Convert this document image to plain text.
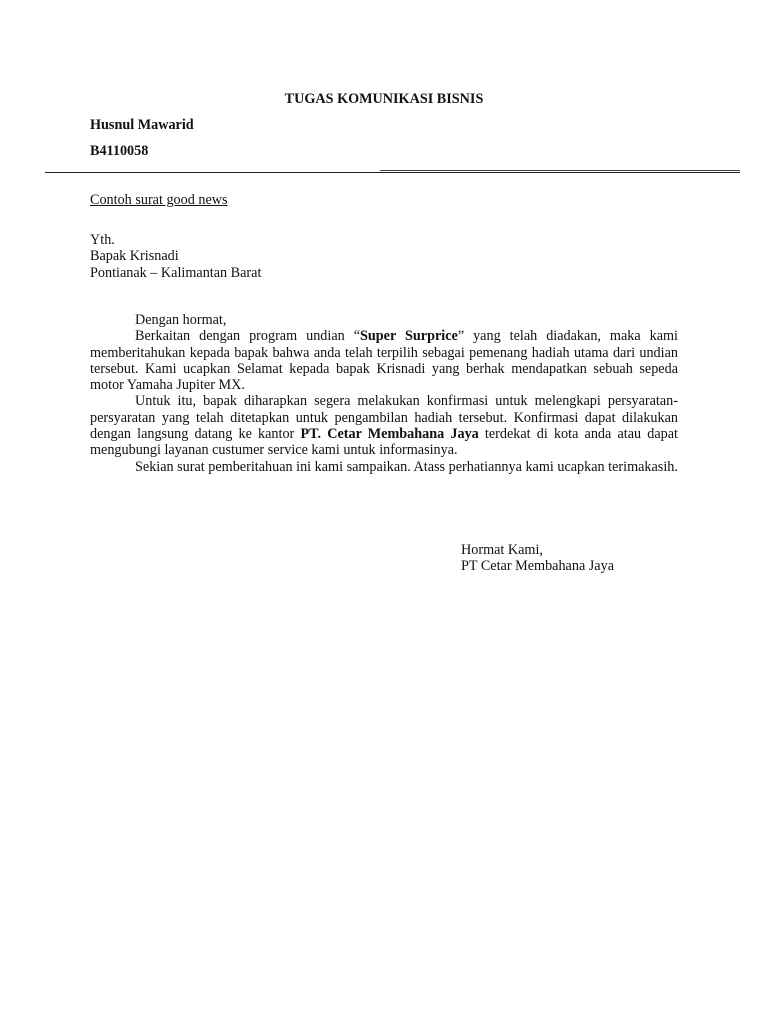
TUGAS KOMUNIKASI BISNIS
Husnul Mawarid
B4110058
Contoh surat good news
Yth.
Bapak Krisnadi
Pontianak – Kalimantan Barat

Dengan hormat,

Berkaitan dengan program undian “Super Surprice” yang telah diadakan, maka kami memberitahukan kepada bapak bahwa anda telah terpilih sebagai pemenang hadiah utama dari undian tersebut. Kami ucapkan Selamat kepada bapak Krisnadi yang berhak mendapatkan sebuah sepeda motor Yamaha Jupiter MX.

Untuk itu, bapak diharapkan segera melakukan konfirmasi untuk melengkapi persyaratan-persyaratan yang telah ditetapkan untuk pengambilan hadiah tersebut. Konfirmasi dapat dilakukan dengan langsung datang ke kantor PT. Cetar Membahana Jaya terdekat di kota anda atau dapat mengubungi layanan custumer service kami untuk informasinya.

Sekian surat pemberitahuan ini kami sampaikan. Atass perhatiannya kami ucapkan terimakasih.

Hormat Kami,
PT Cetar Membahana Jaya
